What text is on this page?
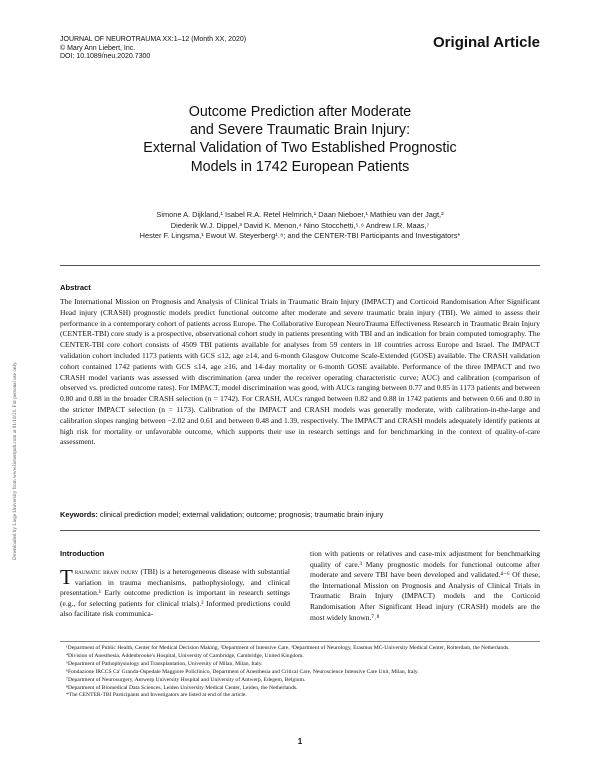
JOURNAL OF NEUROTRAUMA XX:1–12 (Month XX, 2020)
© Mary Ann Liebert, Inc.
DOI: 10.1089/neu.2020.7300
Original Article
Downloaded by Liege University from www.liebertpub.com at 01/10/21. For personal use only.
Outcome Prediction after Moderate
and Severe Traumatic Brain Injury:
External Validation of Two Established Prognostic
Models in 1742 European Patients
Simone A. Dijkland,¹ Isabel R.A. Retel Helmrich,¹ Daan Nieboer,¹ Mathieu van der Jagt,²
Diederik W.J. Dippel,³ David K. Menon,⁴ Nino Stocchetti,⁵˒⁶ Andrew I.R. Maas,⁷
Hester F. Lingsma,¹ Ewout W. Steyerberg¹˒⁸; and the CENTER-TBI Participants and Investigators*
Abstract
The International Mission on Prognosis and Analysis of Clinical Trials in Traumatic Brain Injury (IMPACT) and Corticoid Randomisation After Significant Head injury (CRASH) prognostic models predict functional outcome after moderate and severe traumatic brain injury (TBI). We aimed to assess their performance in a contemporary cohort of patients across Europe. The Collaborative European NeuroTrauma Effectiveness Research in Traumatic Brain Injury (CENTER-TBI) core study is a prospective, observational cohort study in patients presenting with TBI and an indication for brain computed tomography. The CENTER-TBI core cohort consists of 4509 TBI patients available for analyses from 59 centers in 18 countries across Europe and Israel. The IMPACT validation cohort included 1173 patients with GCS ≤12, age ≥14, and 6-month Glasgow Outcome Scale-Extended (GOSE) available. The CRASH validation cohort contained 1742 patients with GCS ≤14, age ≥16, and 14-day mortality or 6-month GOSE available. Performance of the three IMPACT and two CRASH model variants was assessed with discrimination (area under the receiver operating characteristic curve; AUC) and calibration (comparison of observed vs. predicted outcome rates). For IMPACT, model discrimination was good, with AUCs ranging between 0.77 and 0.85 in 1173 patients and between 0.80 and 0.88 in the broader CRASH selection (n = 1742). For CRASH, AUCs ranged between 0.82 and 0.88 in 1742 patients and between 0.66 and 0.80 in the stricter IMPACT selection (n = 1173). Calibration of the IMPACT and CRASH models was generally moderate, with calibration-in-the-large and calibration slopes ranging between −2.02 and 0.61 and between 0.48 and 1.39, respectively. The IMPACT and CRASH models adequately identify patients at high risk for mortality or unfavorable outcome, which supports their use in research settings and for benchmarking in the context of quality-of-care assessment.
Keywords: clinical prediction model; external validation; outcome; prognosis; traumatic brain injury
Introduction
Traumatic brain injury (TBI) is a heterogeneous disease with substantial variation in trauma mechanisms, pathophysiology, and clinical presentation.¹ Early outcome prediction is important in research settings (e.g., for selecting patients for clinical trials).² Informed predictions could also facilitate risk communica-
tion with patients or relatives and case-mix adjustment for benchmarking quality of care.³ Many prognostic models for functional outcome after moderate and severe TBI have been developed and validated.⁴⁻⁶ Of these, the International Mission on Prognosis and Analysis of Clinical Trials in Traumatic Brain Injury (IMPACT) models and the Corticoid Randomisation After Significant Head injury (CRASH) models are the most widely known.⁷˒⁸
¹Department of Public Health, Center for Medical Decision Making, ²Department of Intensive Care, ³Department of Neurology, Erasmus MC-University Medical Center, Rotterdam, the Netherlands.
⁴Division of Anesthesia, Addenbrooke's Hospital, University of Cambridge, Cambridge, United Kingdom.
⁵Department of Pathophysiology and Transplantation, University of Milan, Milan, Italy.
⁶Fondazione IRCCS Ca' Granda-Ospedale Maggiore Policlinico, Department of Anesthesia and Critical Care, Neuroscience Intensive Care Unit, Milan, Italy.
⁷Department of Neurosurgery, Antwerp University Hospital and University of Antwerp, Edegem, Belgium.
⁸Department of Biomedical Data Sciences, Leiden University Medical Center, Leiden, the Netherlands.
*The CENTER-TBI Participants and Investigators are listed at end of the article.
1
